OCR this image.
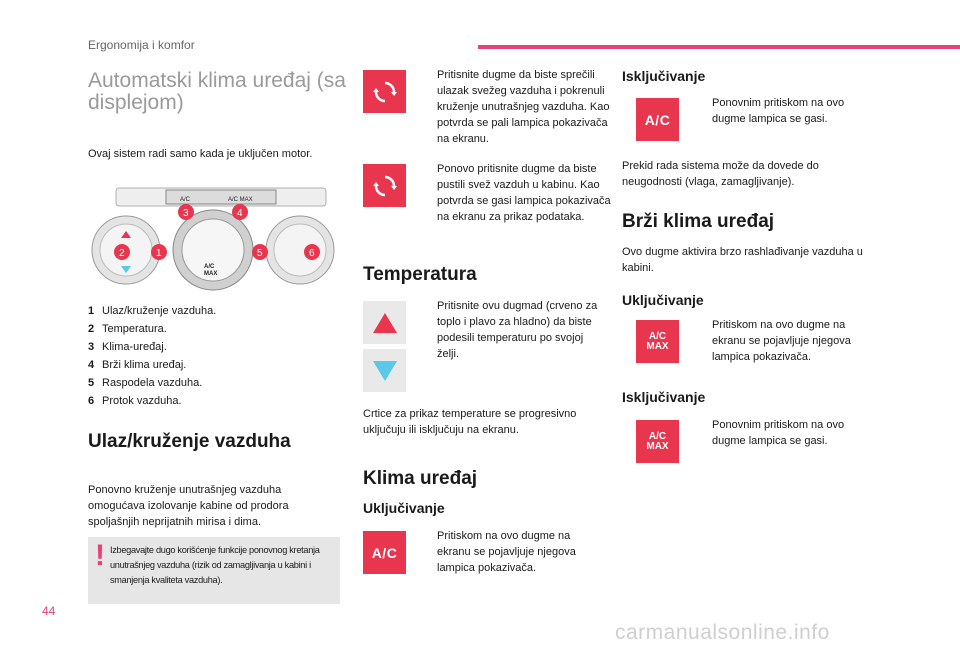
Ergonomija i komfor
Automatski klima uređaj (sa displejom)
Ovaj sistem radi samo kada je uključen motor.
A/C	A/C MAX
A/C
MAX
3	4
2	1	5	6
1 Ulaz/kruženje vazduha.
2 Temperatura.
3 Klima-uređaj.
4 Brži klima uređaj.
5 Raspodela vazduha.
6 Protok vazduha.
Ulaz/kruženje vazduha
Ponovno kruženje unutrašnjeg vazduha omogućava izolovanje kabine od prodora spoljašnjih neprijatnih mirisa i dima.
! Izbegavajte dugo korišćenje funkcije ponovnog kretanja unutrašnjeg vazduha (rizik od zamagljivanja u kabini i smanjenja kvaliteta vazduha).
Pritisnite dugme da biste sprečili ulazak svežeg vazduha i pokrenuli kruženje unutrašnjeg vazduha. Kao potvrda se pali lampica pokazivača na ekranu.
Ponovo pritisnite dugme da biste pustili svež vazduh u kabinu. Kao potvrda se gasi lampica pokazivača na ekranu za prikaz podataka.
Temperatura
Pritisnite ovu dugmad (crveno za toplo i plavo za hladno) da biste podesili temperaturu po svojoj želji.
Crtice za prikaz temperature se progresivno uključuju ili isključuju na ekranu.
Klima uređaj
Uključivanje
A/C
Pritiskom na ovo dugme na ekranu se pojavljuje njegova lampica pokazivača.
Isključivanje
A/C
Ponovnim pritiskom na ovo dugme lampica se gasi.
Prekid rada sistema može da dovede do neugodnosti (vlaga, zamagljivanje).
Brži klima uređaj
Ovo dugme aktivira brzo rashlađivanje vazduha u kabini.
Uključivanje
A/C
MAX
Pritiskom na ovo dugme na ekranu se pojavljuje njegova lampica pokazivača.
Isključivanje
A/C
MAX
Ponovnim pritiskom na ovo dugme lampica se gasi.
44
carmanualsonline.info
